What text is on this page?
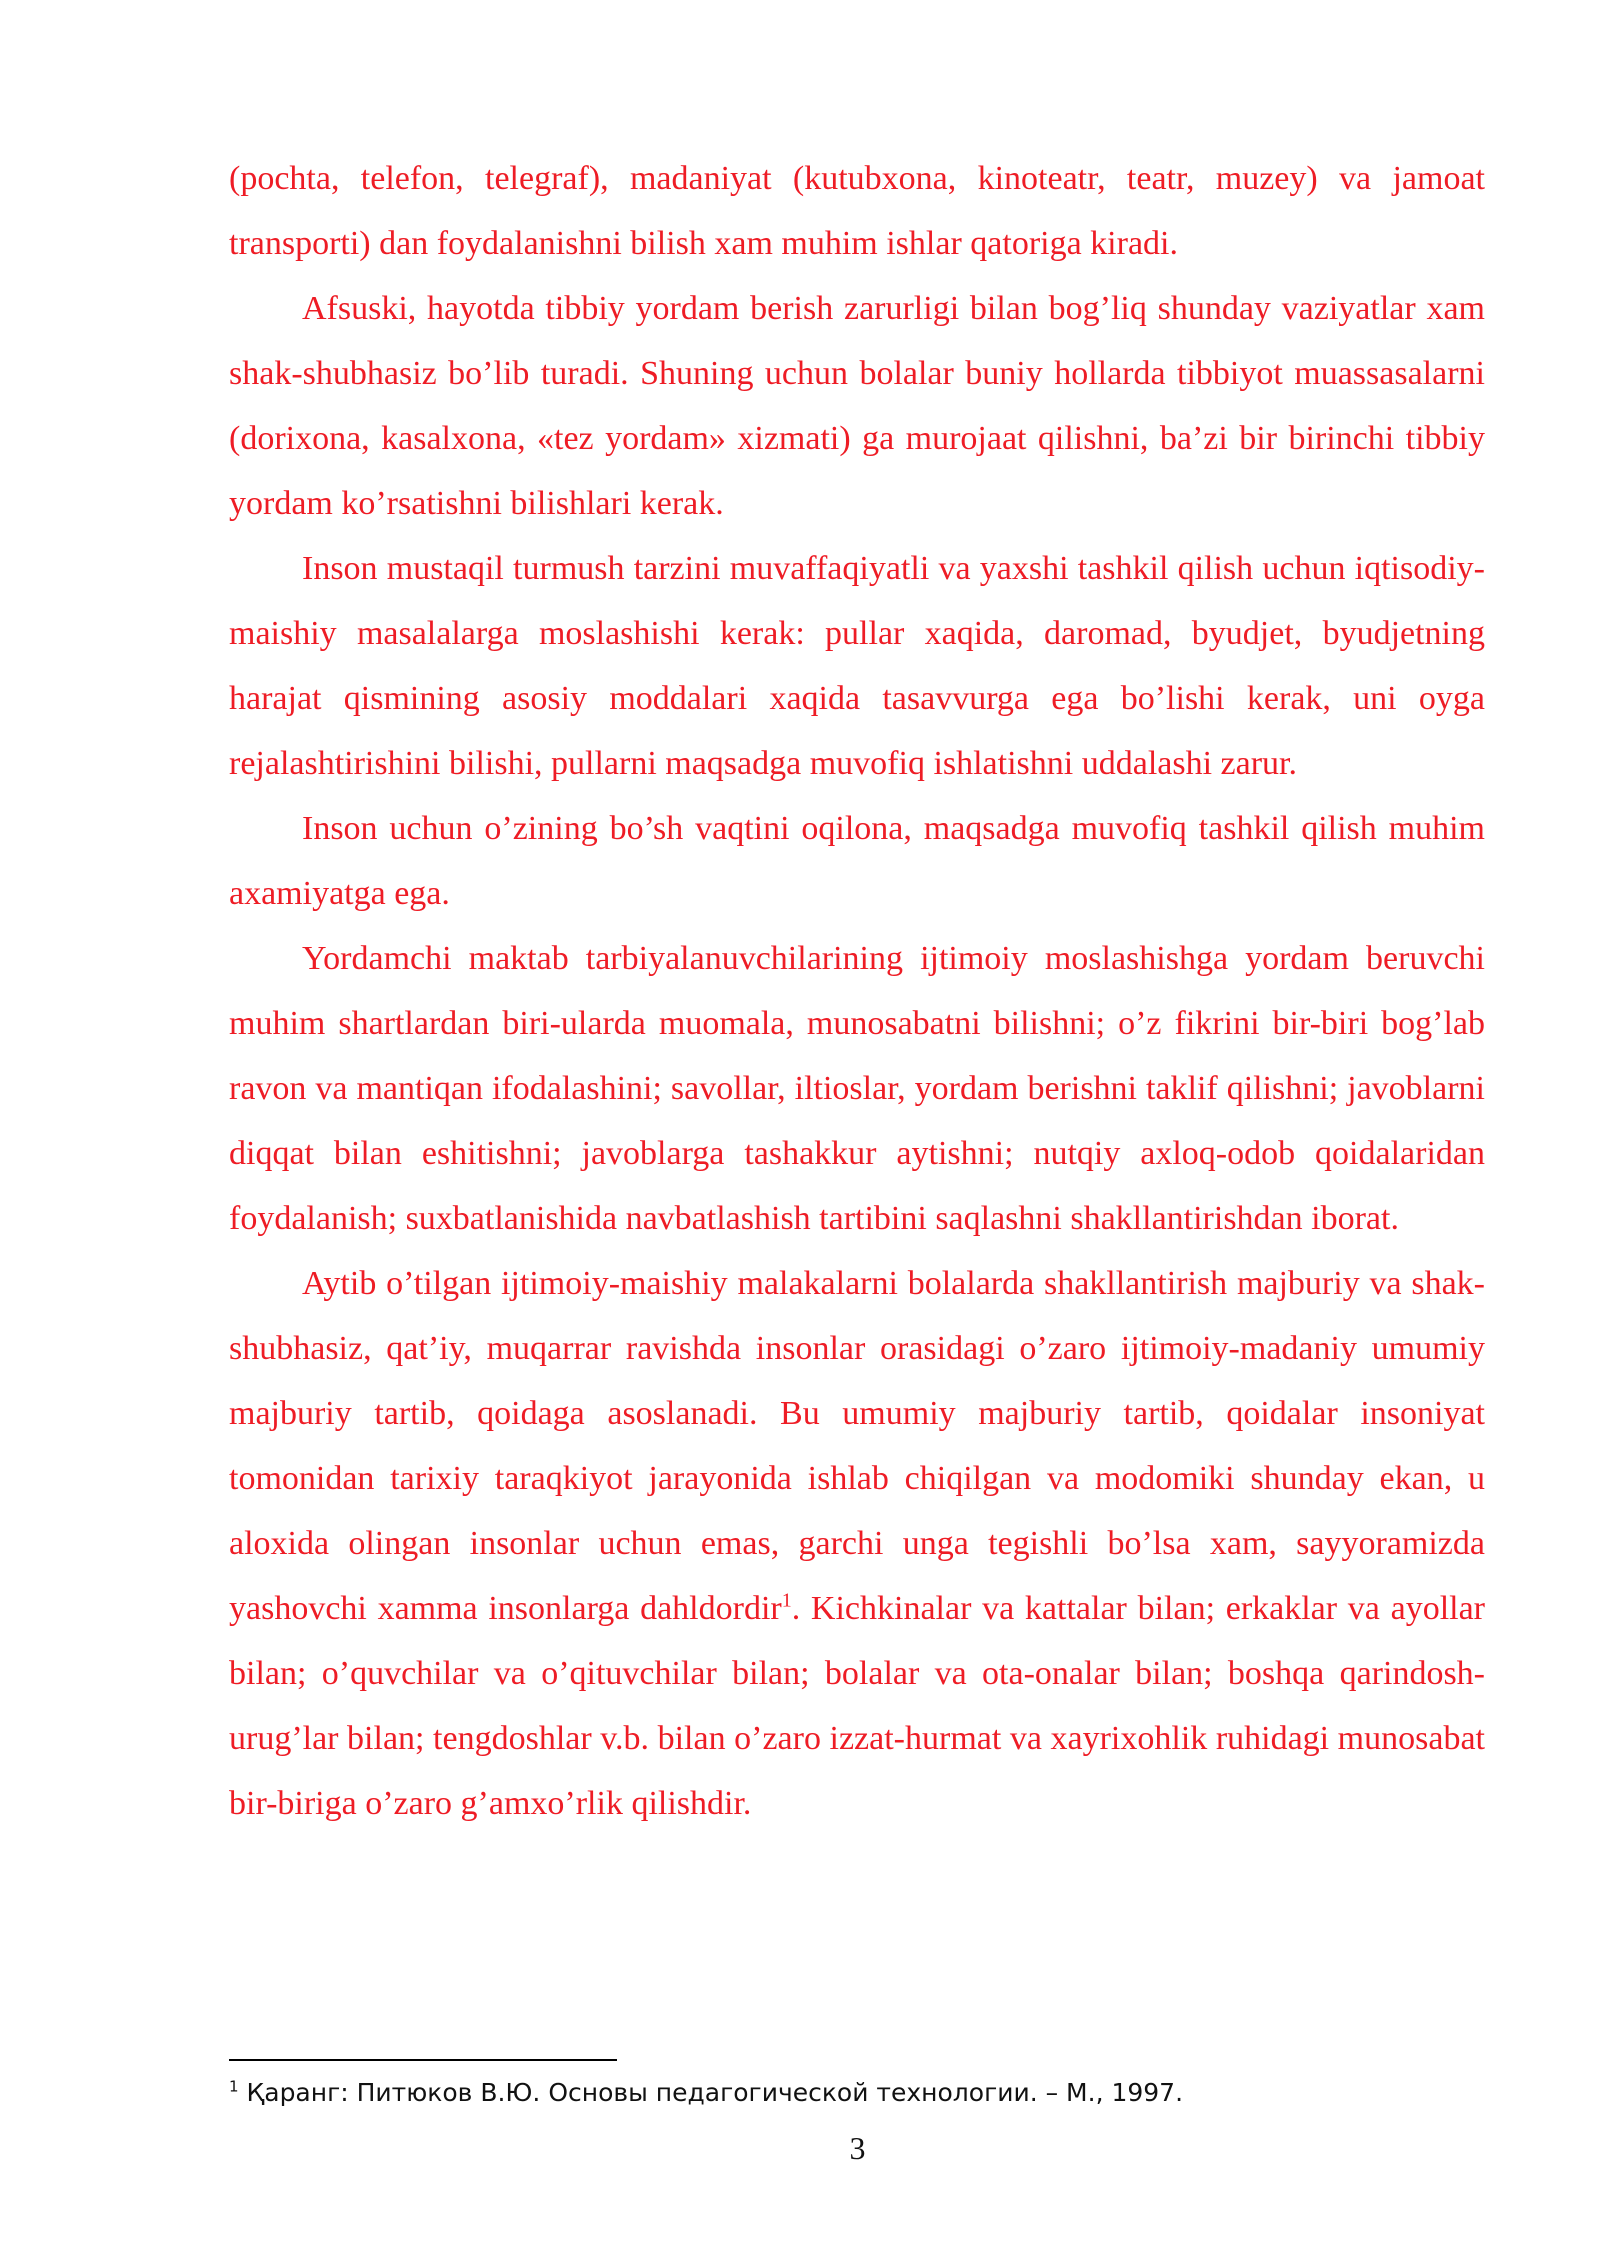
(pochta, telefon, telegraf), madaniyat (kutubxona, kinoteatr, teatr, muzey) va jamoat transporti) dan foydalanishni bilish xam muhim ishlar qatoriga kiradi.

Afsuski, hayotda tibbiy yordam berish zarurligi bilan bog’liq shunday vaziyatlar xam shak-shubhasiz bo’lib turadi. Shuning uchun bolalar buniy hollarda tibbiyot muassasalarni (dorixona, kasalxona, «tez yordam» xizmati) ga murojaat qilishni, ba’zi bir birinchi tibbiy yordam ko’rsatishni bilishlari kerak.

Inson mustaqil turmush tarzini muvaffaqiyatli va yaxshi tashkil qilish uchun iqtisodiy-maishiy masalalarga moslashishi kerak: pullar xaqida, daromad, byudjet, byudjetning harajat qismining asosiy moddalari xaqida tasavvurga ega bo’lishi kerak, uni oyga rejalashtirishini bilishi, pullarni maqsadga muvofiq ishlatishni uddalashi zarur.

Inson uchun o’zining bo’sh vaqtini oqilona, maqsadga muvofiq tashkil qilish muhim axamiyatga ega.

Yordamchi maktab tarbiyalanuvchilarining ijtimoiy moslashishga yordam beruvchi muhim shartlardan biri-ularda muomala, munosabatni bilishni; o’z fikrini bir-biri bog’lab ravon va mantiqan ifodalashini; savollar, iltioslar, yordam berishni taklif qilishni; javoblarni diqqat bilan eshitishni; javoblarga tashakkur aytishni; nutqiy axloq-odob qoidalaridan foydalanish; suxbatlanishida navbatlashish tartibini saqlashni shakllantirishdan iborat.

Aytib o’tilgan ijtimoiy-maishiy malakalarni bolalarda shakllantirish majburiy va shak-shubhasiz, qat’iy, muqarrar ravishda insonlar orasidagi o’zaro ijtimoiy-madaniy umumiy majburiy tartib, qoidaga asoslanadi. Bu umumiy majburiy tartib, qoidalar insoniyat tomonidan tarixiy taraqkiyot jarayonida ishlab chiqilgan va modomiki shunday ekan, u aloxida olingan insonlar uchun emas, garchi unga tegishli bo’lsa xam, sayyoramizda yashovchi xamma insonlarga dahldordir$^1$. Kichkinalar va kattalar bilan; erkaklar va ayollar bilan; o’quvchilar va o’qituvchilar bilan; bolalar va ota-onalar bilan; boshqa qarindosh-urug’lar bilan; tengdoshlar v.b. bilan o’zaro izzat-hurmat va xayrixohlik ruhidagi munosabat bir-biriga o’zaro g’amxo’rlik qilishdir.

$^1$ Қаранг: Питюков В.Ю. Основы педагогической технологии. – М., 1997.
3
